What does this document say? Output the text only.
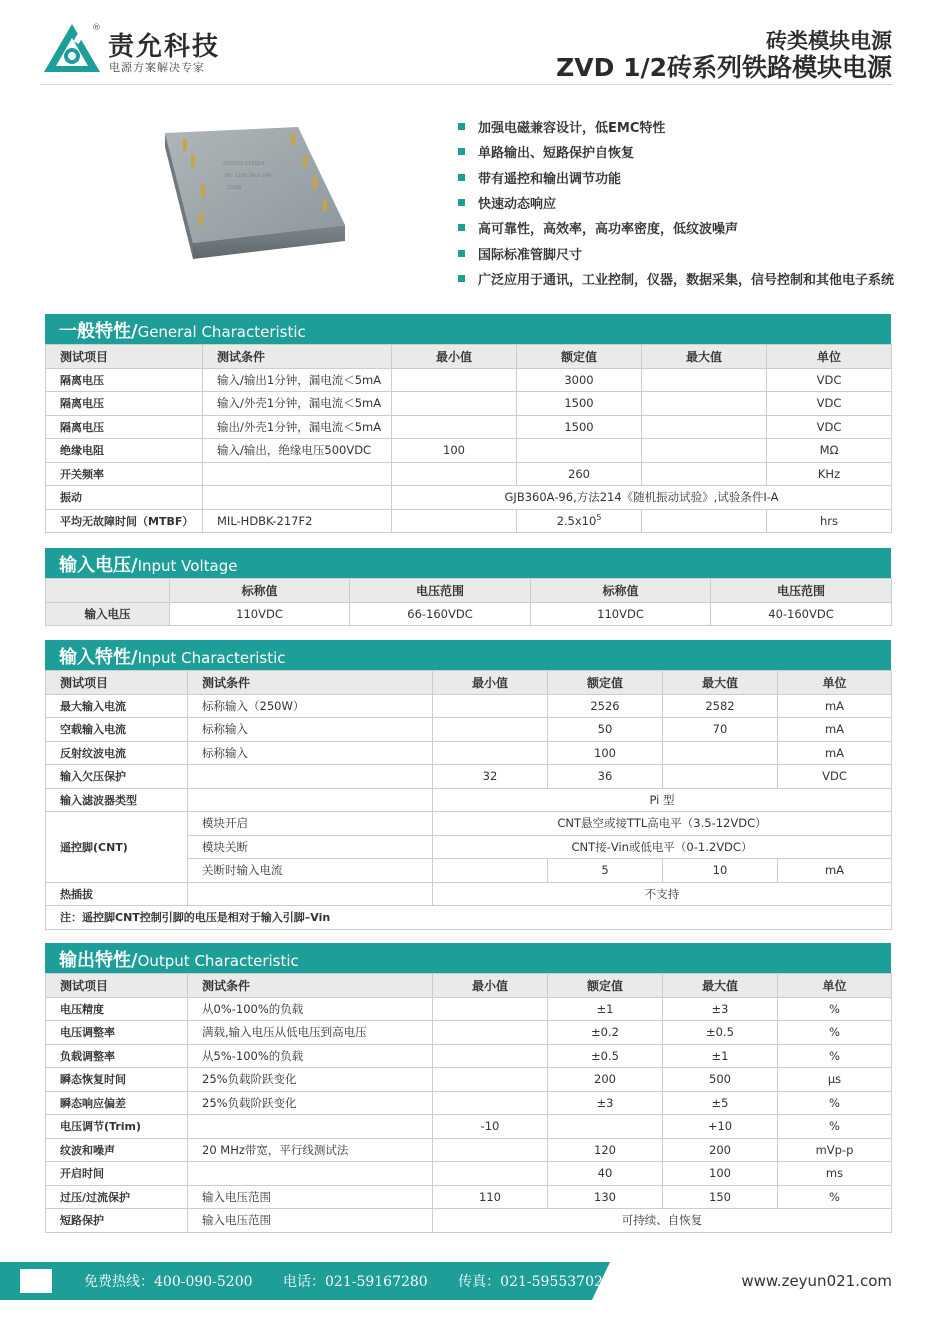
®
责允科技
电源方案解决专家
砖类模块电源
ZVD 1/2砖系列铁路模块电源
ZVD250-110S24
Vin 110V Vout 24V
250W
加强电磁兼容设计，低EMC特性
单路输出、短路保护自恢复
带有遥控和输出调节功能
快速动态响应
高可靠性，高效率，高功率密度，低纹波噪声
国际标准管脚尺寸
广泛应用于通讯，工业控制，仪器，数据采集，信号控制和其他电子系统
一般特性/General Characteristic
测试项目	测试条件	最小值	额定值	最大值	单位
隔离电压	输入/输出1分钟，漏电流＜5mA		3000		VDC
隔离电压	输入/外壳1分钟，漏电流＜5mA		1500		VDC
隔离电压	输出/外壳1分钟，漏电流＜5mA		1500		VDC
绝缘电阻	输入/输出，绝缘电压500VDC	100			MΩ
开关频率			260		KHz
振动		GJB360A-96,方法214《随机振动试验》,试验条件I-A			
平均无故障时间（MTBF）	MIL-HDBK-217F2		$2.5x10^5$		hrs
输入电压/Input Voltage
	标称值	电压范围	标称值	电压范围
输入电压	110VDC	66-160VDC	110VDC	40-160VDC
输入特性/Input Characteristic
测试项目	测试条件	最小值	额定值	最大值	单位
最大输入电流	标称输入（250W）		2526	2582	mA
空载输入电流	标称输入		50	70	mA
反射纹波电流	标称输入		100		mA
输入欠压保护		32	36		VDC
输入滤波器类型		Pi 型			
遥控脚(CNT)	模块开启	CNT悬空或接TTL高电平（3.5-12VDC）			
	模块关断	CNT接-Vin或低电平（0-1.2VDC）			
	关断时输入电流		5	10	mA
热插拔		不支持			
注：遥控脚CNT控制引脚的电压是相对于输入引脚–Vin					
输出特性/Output Characteristic
测试项目	测试条件	最小值	额定值	最大值	单位
电压精度	从0%-100%的负载		±1	±3	%
电压调整率	满载,输入电压从低电压到高电压		±0.2	±0.5	%
负载调整率	从5%-100%的负载		±0.5	±1	%
瞬态恢复时间	25%负载阶跃变化		200	500	μs
瞬态响应偏差	25%负载阶跃变化		±3	±5	%
电压调节(Trim)		-10		+10	%
纹波和噪声	20 MHz带宽，平行线测试法		120	200	mVp-p
开启时间			40	100	ms
过压/过流保护	输入电压范围	110	130	150	%
短路保护	输入电压范围	可持续、自恢复			
免费热线：400-090-5200 电话：021-59167280 传真：021-59553702	www.zeyun021.com
